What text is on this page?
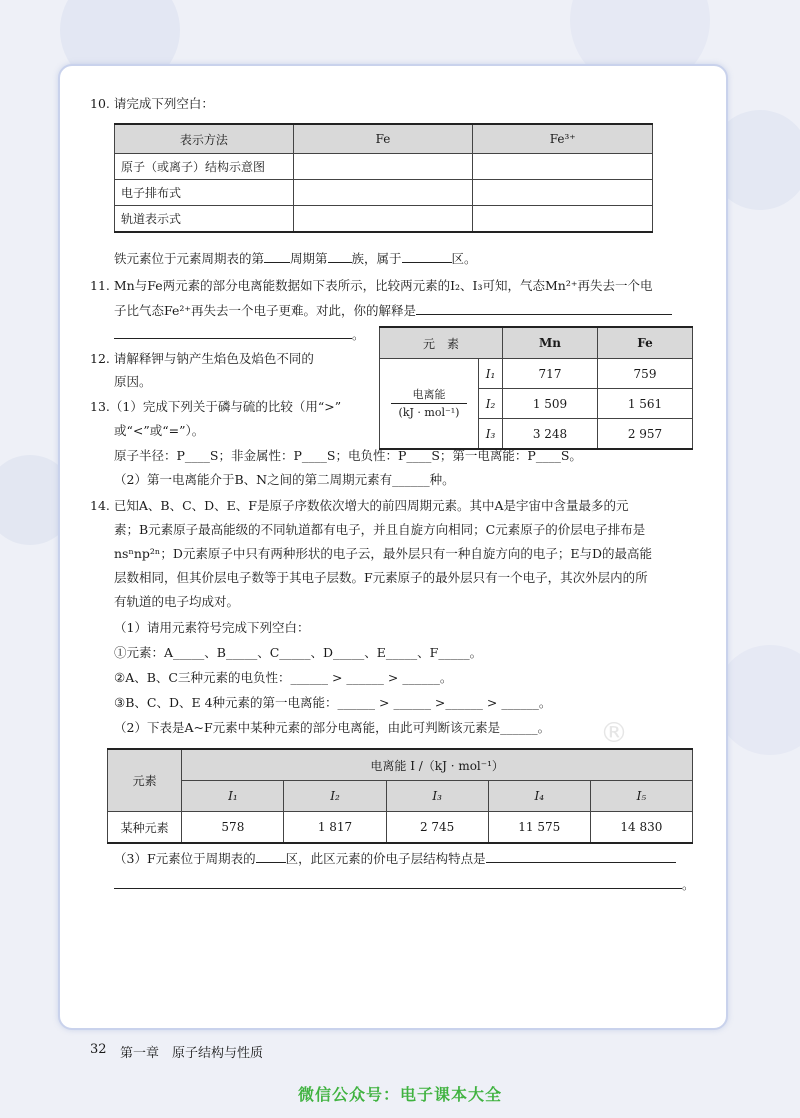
®
10. 请完成下列空白：
表示方法	Fe	Fe³⁺
原子（或离子）结构示意图		
电子排布式		
轨道表示式		
铁元素位于元素周期表的第 周期第 族，属于	区。
11. Mn与Fe两元素的部分电离能数据如下表所示，比较两元素的I₂、I₃可知，气态Mn²⁺再失去一个电
子比气态Fe²⁺再失去一个电子更难。对此，你的解释是
。
元　素		Mn	Fe

电离能
(kJ · mol⁻¹)	I₁	717	759
	I₂	1 509	1 561
	I₃	3 248	2 957
12. 请解释钾与钠产生焰色及焰色不同的
原因。
13.（1）完成下列关于磷与硫的比较（用“>”
或“<”或“=”）。
原子半径：P____S；非金属性：P____S；电负性：P____S；第一电离能：P____S。
（2）第一电离能介于B、N之间的第二周期元素有______种。
14. 已知A、B、C、D、E、F是原子序数依次增大的前四周期元素。其中A是宇宙中含量最多的元
素；B元素原子最高能级的不同轨道都有电子，并且自旋方向相同；C元素原子的价层电子排布是
nsⁿnp²ⁿ；D元素原子中只有两种形状的电子云，最外层只有一种自旋方向的电子；E与D的最高能
层数相同，但其价层电子数等于其电子层数。F元素原子的最外层只有一个电子，其次外层内的所
有轨道的电子均成对。
（1）请用元素符号完成下列空白：
①元素：A_____、B_____、C_____、D_____、E_____、F_____。
②A、B、C三种元素的电负性：______ > ______ > ______。
③B、C、D、E 4种元素的第一电离能：______ > ______ >______ > ______。
（2）下表是A~F元素中某种元素的部分电离能，由此可判断该元素是______。
元素	电离能 I /（kJ · mol⁻¹）				
	I₁	I₂	I₃	I₄	I₅
某种元素	578	1 817	2 745	11 575	14 830
（3）F元素位于周期表的 区，此区元素的价电子层结构特点是
。
32 第一章　原子结构与性质
微信公众号：电子课本大全
